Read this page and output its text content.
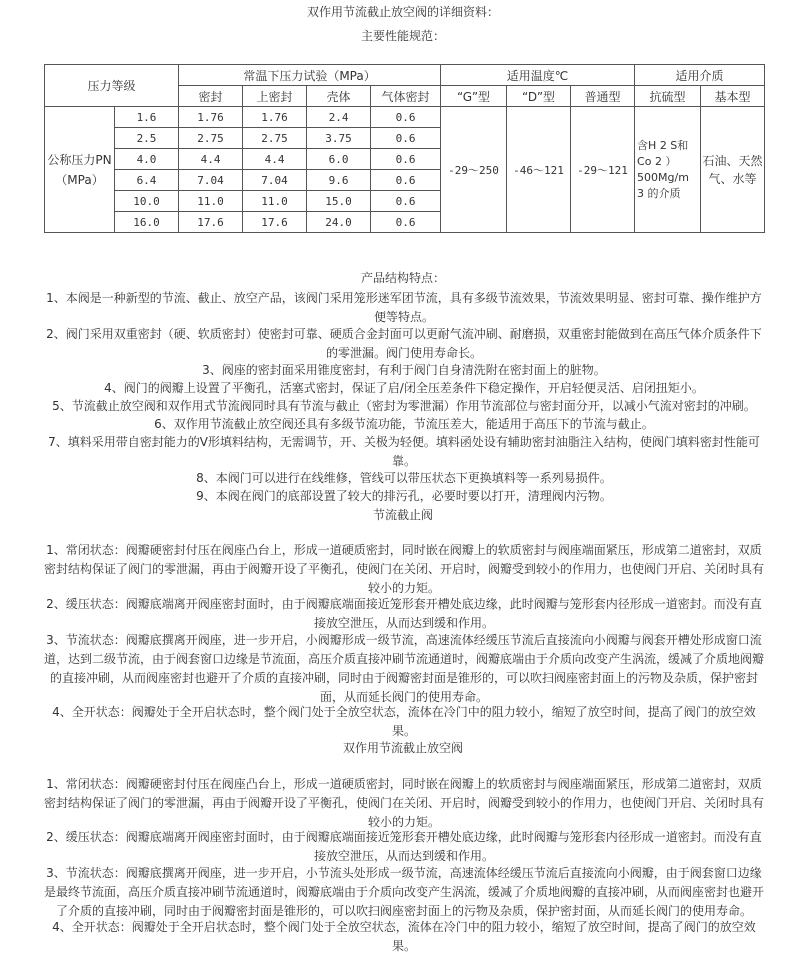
双作用节流截止放空阀的详细资料：
主要性能规范：
压力等级		常温下压力试验（MPa）				适用温度℃			适用介质	
		密封	上密封	壳体	气体密封	“G”型	“D”型	普通型	抗硫型	基本型
公称压力PN（MPa）	1.6	1.76	1.76	2.4	0.6	-29～250	-46～121	-29～121	含H 2 S和Co 2 ）500Mg/m 3 的介质	石油、天然气、水等
	2.5	2.75	2.75	3.75	0.6					
	4.0	4.4	4.4	6.0	0.6					
	6.4	7.04	7.04	9.6	0.6					
	10.0	11.0	11.0	15.0	0.6					
	16.0	17.6	17.6	24.0	0.6					
产品结构特点：
1、本阀是一种新型的节流、截止、放空产品，该阀门采用笼形迷军团节流，具有多级节流效果，节流效果明显、密封可靠、操作维护方便等特点。
2、阀门采用双重密封（硬、软质密封）使密封可靠、硬质合金封面可以更耐气流冲刷、耐磨损，双重密封能做到在高压气体介质条件下的零泄漏。阀门使用寿命长。
3、阀座的密封面采用锥度密封，有利于阀门自身清洗附在密封面上的脏物。
4、阀门的阀瓣上设置了平衡孔，活塞式密封，保证了启/闭全压差条件下稳定操作，开启轻便灵活、启闭扭矩小。
5、节流截止放空阀和双作用式节流阀同时具有节流与截止（密封为零泄漏）作用节流部位与密封面分开，以减小气流对密封的冲刷。
6、双作用节流截止放空阀还具有多级节流功能，节流压差大，能适用于高压下的节流与截止。
7、填料采用带自密封能力的V形填料结构，无需调节，开、关极为轻便。填料函处设有辅助密封油脂注入结构，使阀门填料密封性能可靠。
8、本阀门可以进行在线维修，管线可以带压状态下更换填料等一系列易损件。
9、本阀在阀门的底部设置了较大的排污孔，必要时要以打开，清理阀内污物。
节流截止阀
1、常闭状态：阀瓣硬密封付压在阀座凸台上，形成一道硬质密封，同时嵌在阀瓣上的软质密封与阀座端面紧压，形成第二道密封，双质密封结构保证了阀门的零泄漏，再由于阀瓣开设了平衡孔，使阀门在关闭、开启时，阀瓣受到较小的作用力，也使阀门开启、关闭时具有较小的力矩。
2、缓压状态：阀瓣底端离开阀座密封面时，由于阀瓣底端面接近笼形套开槽处底边缘，此时阀瓣与笼形套内径形成一道密封。而没有直接放空泄压，从而达到缓和作用。
3、节流状态：阀瓣底撰离开阀座，进一步开启，小阀瓣形成一级节流，高速流体经缓压节流后直接流向小阀瓣与阀套开槽处形成窗口流道，达到二级节流，由于阀套窗口边缘是节流面，高压介质直接冲刷节流通道时，阀瓣底端由于介质向改变产生涡流，缓减了介质地阀瓣的直接冲刷，从而阀座密封也避开了介质的直接冲刷，同时由于阀瓣密封面是锥形的，可以吹扫阀座密封面上的污物及杂质，保护密封面，从而延长阀门的使用寿命。
4、全开状态：阀瓣处于全开启状态时，整个阀门处于全放空状态，流体在冷门中的阻力较小，缩短了放空时间，提高了阀门的放空效果。
双作用节流截止放空阀
1、常闭状态：阀瓣硬密封付压在阀座凸台上，形成一道硬质密封，同时嵌在阀瓣上的软质密封与阀座端面紧压，形成第二道密封，双质密封结构保证了阀门的零泄漏，再由于阀瓣开设了平衡孔，使阀门在关闭、开启时，阀瓣受到较小的作用力，也使阀门开启、关闭时具有较小的力矩。
2、缓压状态：阀瓣底端离开阀座密封面时，由于阀瓣底端面接近笼形套开槽处底边缘，此时阀瓣与笼形套内径形成一道密封。而没有直接放空泄压，从而达到缓和作用。
3、节流状态：阀瓣底撰离开阀座，进一步开启，小节流头处形成一级节流，高速流体经缓压节流后直接流向小阀瓣，由于阀套窗口边缘是最终节流面，高压介质直接冲刷节流通道时，阀瓣底端由于介质向改变产生涡流，缓减了介质地阀瓣的直接冲刷，从而阀座密封也避开了介质的直接冲刷，同时由于阀瓣密封面是锥形的，可以吹扫阀座密封面上的污物及杂质，保护密封面，从而延长阀门的使用寿命。
4、全开状态：阀瓣处于全开启状态时，整个阀门处于全放空状态，流体在冷门中的阻力较小，缩短了放空时间，提高了阀门的放空效果。
